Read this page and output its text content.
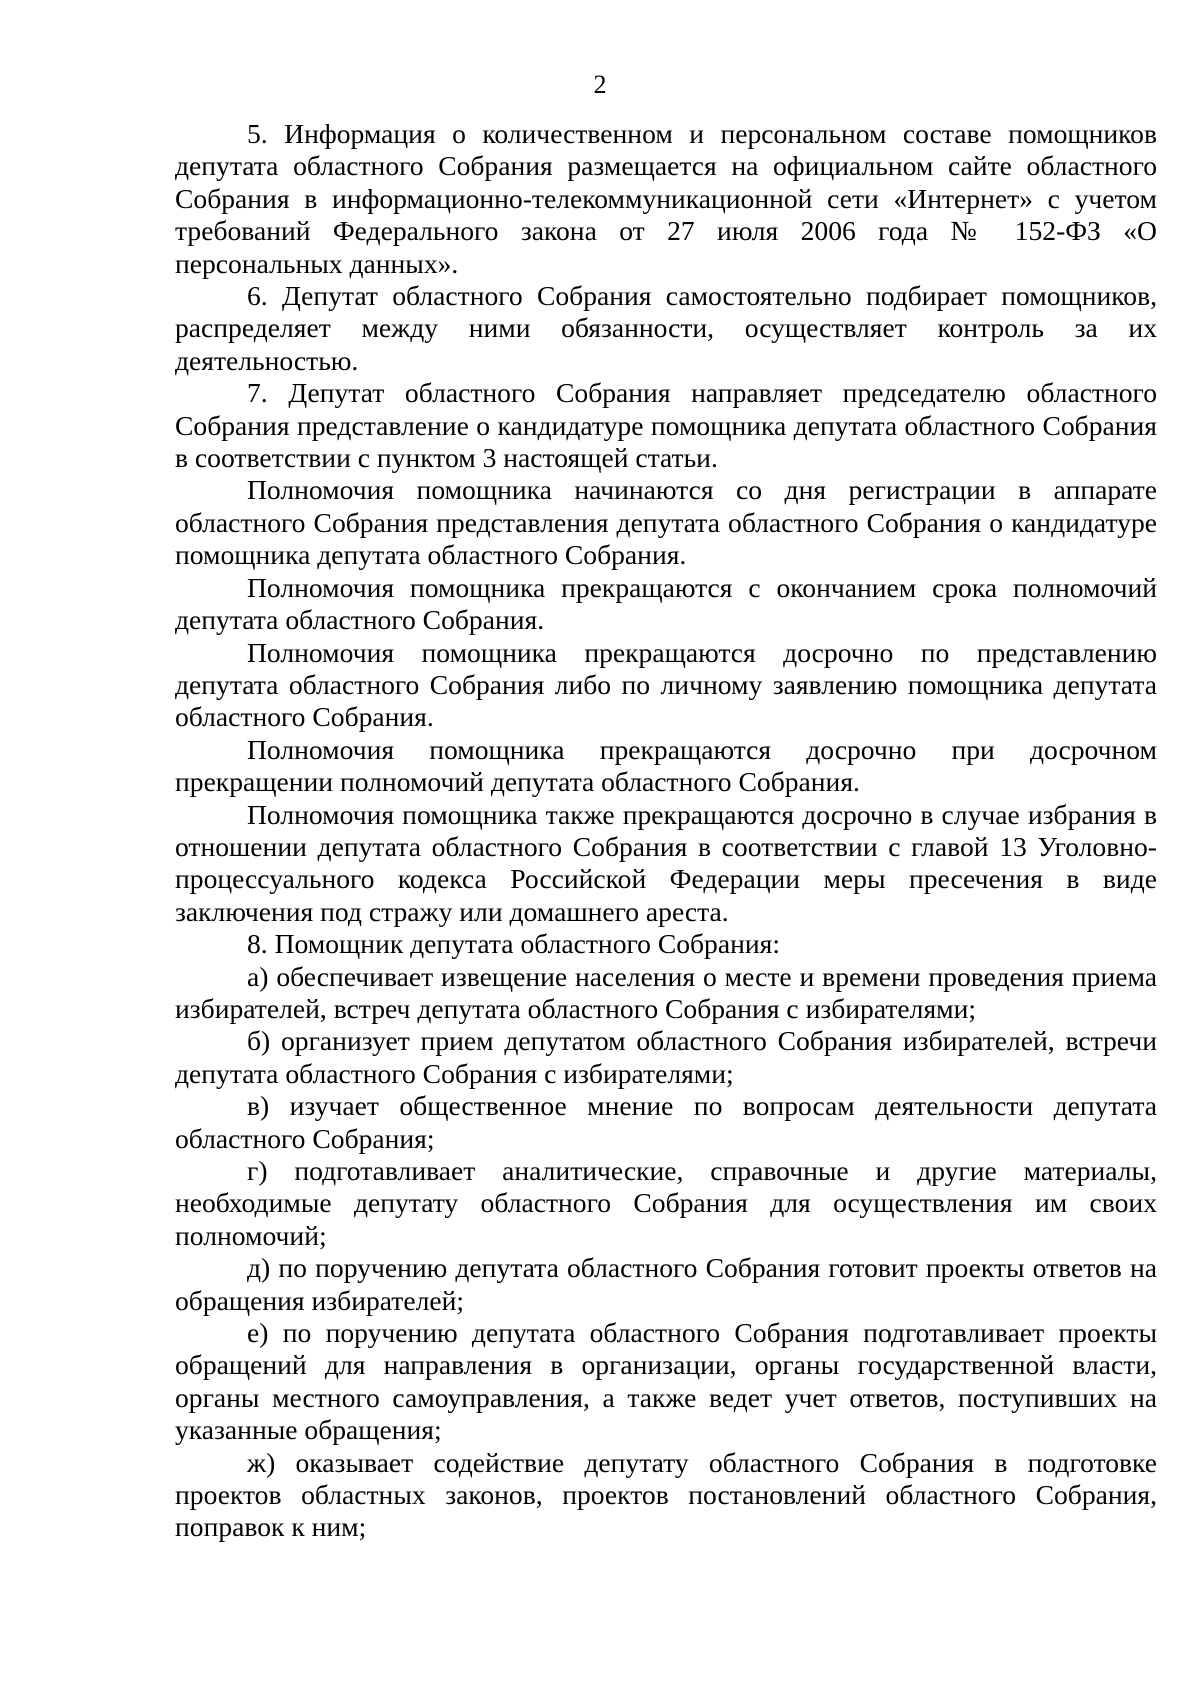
2

5. Информация о количественном и персональном составе помощников депутата областного Собрания размещается на официальном сайте областного Собрания в информационно-телекоммуникационной сети «Интернет» с учетом требований Федерального закона от 27 июля 2006 года № 152-ФЗ «О персональных данных».

6. Депутат областного Собрания самостоятельно подбирает помощников, распределяет между ними обязанности, осуществляет контроль за их деятельностью.

7. Депутат областного Собрания направляет председателю областного Собрания представление о кандидатуре помощника депутата областного Собрания в соответствии с пунктом 3 настоящей статьи.

Полномочия помощника начинаются со дня регистрации в аппарате областного Собрания представления депутата областного Собрания о кандидатуре помощника депутата областного Собрания.

Полномочия помощника прекращаются с окончанием срока полномочий депутата областного Собрания.

Полномочия помощника прекращаются досрочно по представлению депутата областного Собрания либо по личному заявлению помощника депутата областного Собрания.

Полномочия помощника прекращаются досрочно при досрочном прекращении полномочий депутата областного Собрания.

Полномочия помощника также прекращаются досрочно в случае избрания в отношении депутата областного Собрания в соответствии с главой 13 Уголовно-процессуального кодекса Российской Федерации меры пресечения в виде заключения под стражу или домашнего ареста.

8. Помощник депутата областного Собрания:

а) обеспечивает извещение населения о месте и времени проведения приема избирателей, встреч депутата областного Собрания с избирателями;

б) организует прием депутатом областного Собрания избирателей, встречи депутата областного Собрания с избирателями;

в) изучает общественное мнение по вопросам деятельности депутата областного Собрания;

г) подготавливает аналитические, справочные и другие материалы, необходимые депутату областного Собрания для осуществления им своих полномочий;

д) по поручению депутата областного Собрания готовит проекты ответов на обращения избирателей;

е) по поручению депутата областного Собрания подготавливает проекты обращений для направления в организации, органы государственной власти, органы местного самоуправления, а также ведет учет ответов, поступивших на указанные обращения;

ж) оказывает содействие депутату областного Собрания в подготовке проектов областных законов, проектов постановлений областного Собрания, поправок к ним;
